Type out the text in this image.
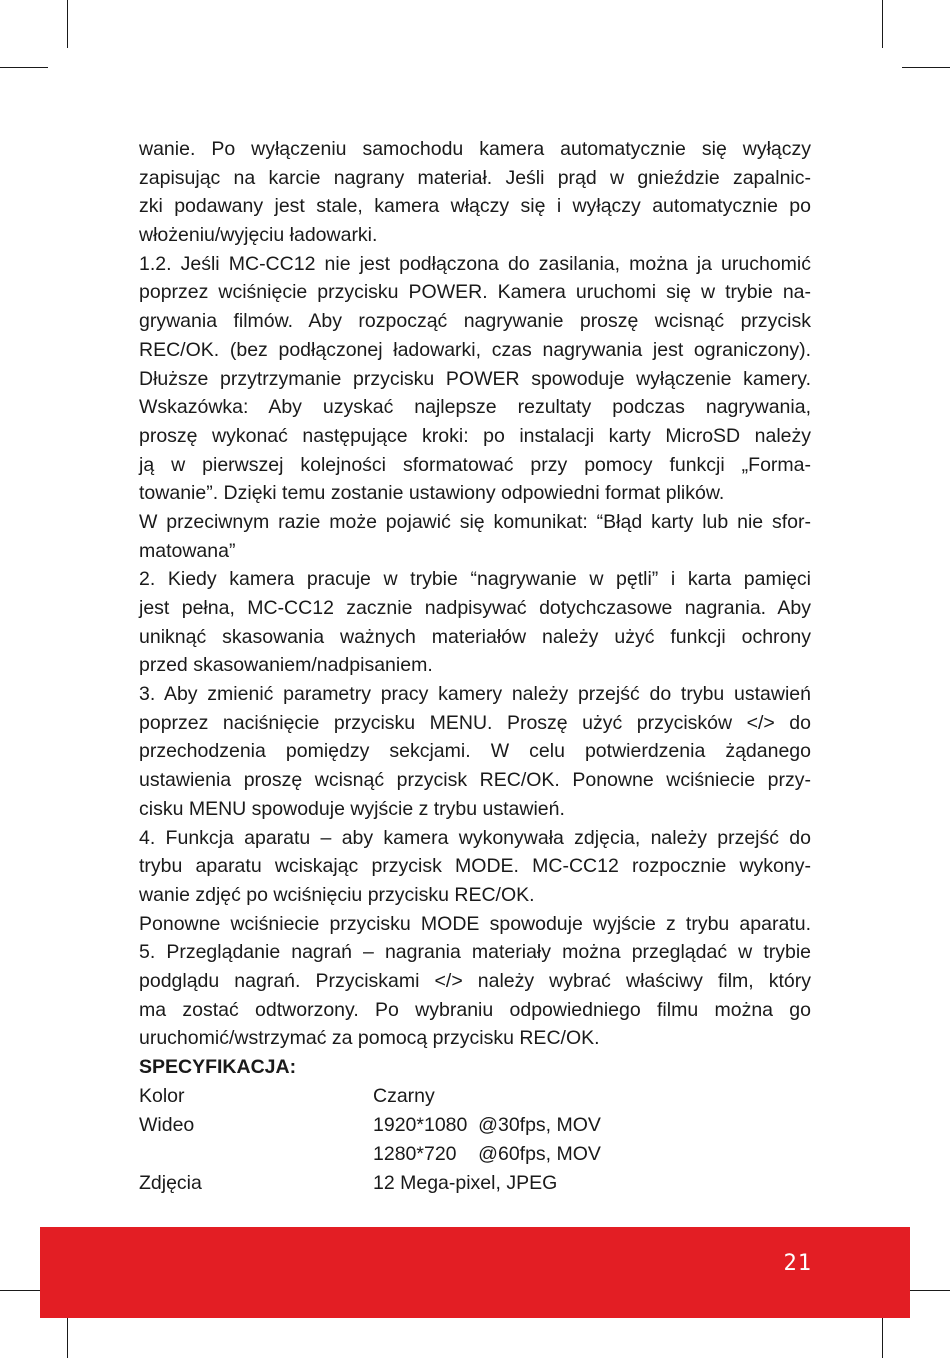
wanie. Po wyłączeniu samochodu kamera automatycznie się wyłączy
zapisując na karcie nagrany materiał. Jeśli prąd w gnieździe zapalnic-
zki podawany jest stale, kamera włączy się i wyłączy automatycznie po
włożeniu/wyjęciu ładowarki.
1.2. Jeśli MC-CC12 nie jest podłączona do zasilania, można ja uruchomić
poprzez wciśnięcie przycisku POWER. Kamera uruchomi się w trybie na-
grywania filmów. Aby rozpocząć nagrywanie proszę wcisnąć przycisk
REC/OK. (bez podłączonej ładowarki, czas nagrywania jest ograniczony).
Dłuższe przytrzymanie przycisku POWER spowoduje wyłączenie kamery.
Wskazówka: Aby uzyskać najlepsze rezultaty podczas nagrywania,
proszę wykonać następujące kroki: po instalacji karty MicroSD należy
ją w pierwszej kolejności sformatować przy pomocy funkcji „Forma-
towanie”. Dzięki temu zostanie ustawiony odpowiedni format plików.
W przeciwnym razie może pojawić się komunikat: “Błąd karty lub nie sfor-
matowana”
2. Kiedy kamera pracuje w trybie “nagrywanie w pętli” i karta pamięci
jest pełna, MC-CC12 zacznie nadpisywać dotychczasowe nagrania. Aby
uniknąć skasowania ważnych materiałów należy użyć funkcji ochrony
przed skasowaniem/nadpisaniem.
3. Aby zmienić parametry pracy kamery należy przejść do trybu ustawień
poprzez naciśnięcie przycisku MENU. Proszę użyć przycisków </> do
przechodzenia pomiędzy sekcjami. W celu potwierdzenia żądanego
ustawienia proszę wcisnąć przycisk REC/OK. Ponowne wciśniecie przy-
cisku MENU spowoduje wyjście z trybu ustawień.
4. Funkcja aparatu – aby kamera wykonywała zdjęcia, należy przejść do
trybu aparatu wciskając przycisk MODE. MC-CC12 rozpocznie wykony-
wanie zdjęć po wciśnięciu przycisku REC/OK.
Ponowne wciśniecie przycisku MODE spowoduje wyjście z trybu aparatu.
5. Przeglądanie nagrań – nagrania materiały można przeglądać w trybie
podglądu nagrań. Przyciskami </> należy wybrać właściwy film, który
ma zostać odtworzony. Po wybraniu odpowiedniego filmu można go
uruchomić/wstrzymać za pomocą przycisku REC/OK.
SPECYFIKACJA:
Kolor	Czarny
Wideo	1920*1080  @30fps, MOV
1280*720    @60fps, MOV
Zdjęcia	12 Mega-pixel, JPEG
21
